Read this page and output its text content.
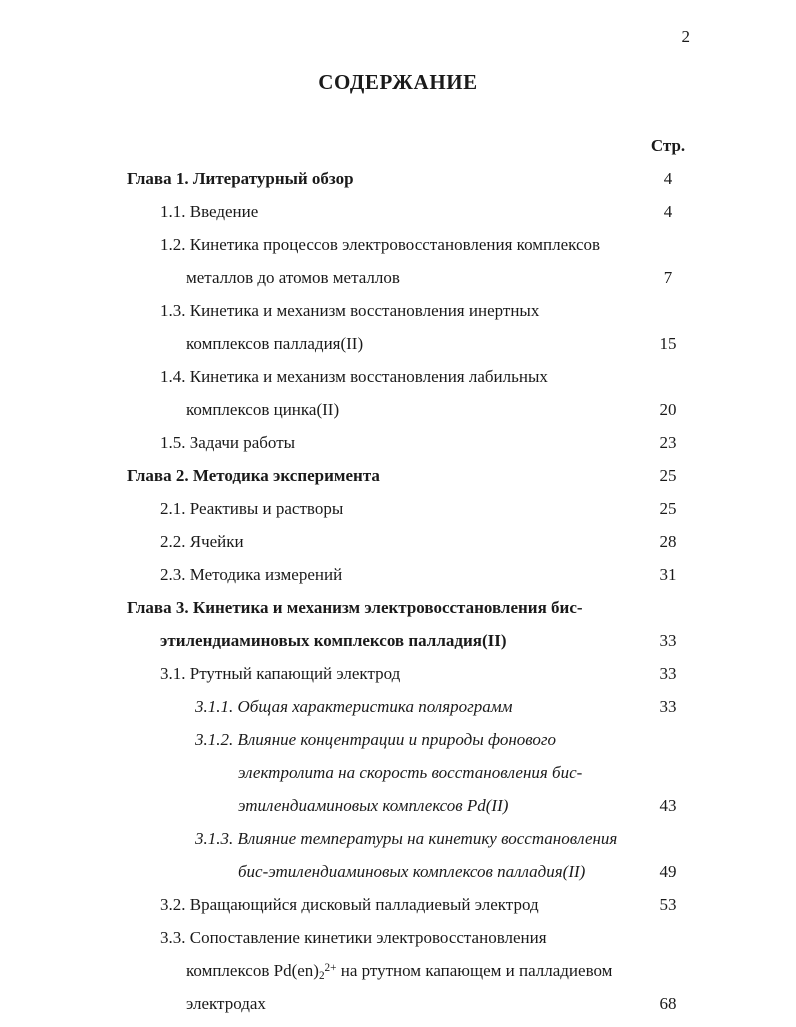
2
СОДЕРЖАНИЕ
Стр.
Глава 1. Литературный обзор	4
1.1. Введение	4
1.2. Кинетика процессов электровосстановления комплексов
металлов до атомов металлов	7
1.3. Кинетика и механизм восстановления инертных
комплексов палладия(II)	15
1.4. Кинетика и механизм восстановления лабильных
комплексов цинка(II)	20
1.5. Задачи работы	23
Глава 2. Методика эксперимента	25
2.1. Реактивы и растворы	25
2.2. Ячейки	28
2.3. Методика измерений	31
Глава 3. Кинетика и механизм электровосстановления бис-
этилендиаминовых комплексов палладия(II)	33
3.1. Ртутный капающий электрод	33
3.1.1. Общая характеристика полярограмм	33
3.1.2. Влияние концентрации и природы фонового
электролита на скорость восстановления бис-
этилендиаминовых комплексов Pd(II)	43
3.1.3. Влияние температуры на кинетику восстановления
бис-этилендиаминовых комплексов палладия(II)	49
3.2. Вращающийся дисковый палладиевый электрод	53
3.3. Сопоставление кинетики электровосстановления
комплексов $Pd(en)_2^{2+}$ на ртутном капающем и палладиевом
электродах	68
